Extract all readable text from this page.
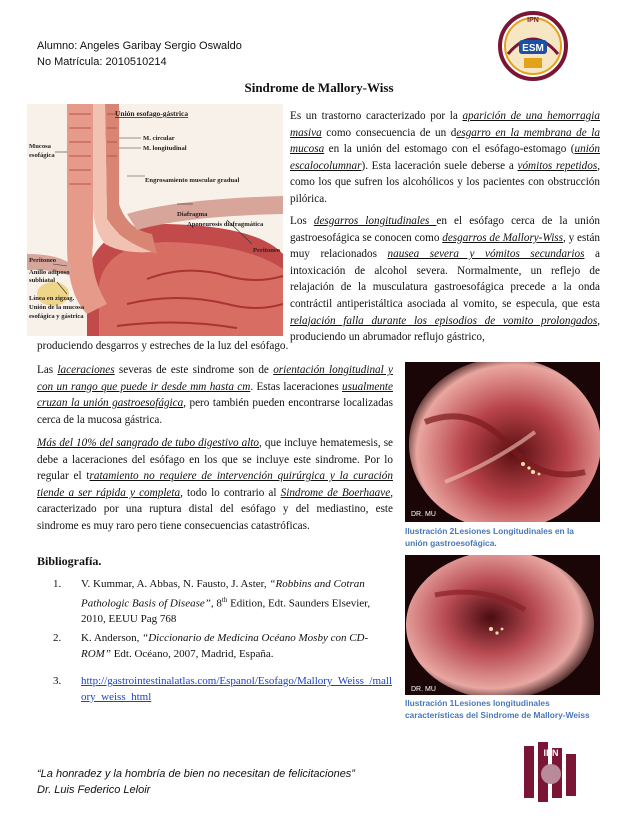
Alumno: Angeles Garibay Sergio Oswaldo
No Matrícula: 2010510214
ESM
IPN
Sindrome de Mallory-Wiss
Unión esofago-gástrica
M. circular
M. longitudinal
Mucosa
esofágica
Engrosamiento muscular gradual
Diafragma
Aponeurosis diafragmática
Peritoneo
Peritoneo
Anillo adiposo
subhiatal
Línea en zigzag.
Unión de la mucosa
esofágica y gástrica
Es un trastorno caracterizado por la aparición de una hemorragia masiva como consecuencia de un desgarro en la membrana de la mucosa en la unión del estomago con el esófago-estomago (unión escalocolumnar). Esta laceración suele deberse a vómitos repetidos, como los que sufren los alcohólicos y los pacientes con obstrucción pilórica.
Los desgarros longitudinales en el esófago cerca de la unión gastroesofágica se conocen como desgarros de Mallory-Wiss, y están muy relacionados nausea severa y vómitos secundarios a intoxicación de alcohol severa. Normalmente, un reflejo de relajación de la musculatura gastroesofágica precede a la onda contráctil antiperistáltica asociada al vomito, se especula, que esta relajación falla durante los episodios de vomito prolongados, produciendo un abrumador reflujo gástrico,
produciendo desgarros y estreches de la luz del esófago.
Las laceraciones severas de este sindrome son de orientación longitudinal y con un rango que puede ir desde mm hasta cm. Estas laceraciones usualmente cruzan la unión gastroesofágica, pero también pueden encontrarse localizadas cerca de la mucosa gástrica.
Más del 10% del sangrado de tubo digestivo alto, que incluye hematemesis, se debe a laceraciones del esófago en los que se incluye este sindrome. Por lo regular el tratamiento no requiere de intervención quirúrgica y la curación tiende a ser rápida y completa, todo lo contrario al Sindrome de Boerhaave, caracterizado por una ruptura distal del esófago y del mediastino, este sindrome es muy raro pero tiene consecuencias catastróficas.
Bibliografía.
1.	V. Kummar, A. Abbas, N. Fausto, J. Aster, “Robbins and Cotran Pathologic Basis of Disease”, 8th Edition, Edt. Saunders Elsevier, 2010, EEUU Pag 768
2.	K. Anderson, “Diccionario de Medicina Océano Mosby con CD-ROM” Edt. Océano, 2007, Madrid, España.
3.	http://gastrointestinalatlas.com/Espanol/Esofago/Mallory_Weiss_/mallory_weiss_html
DR. MU
Ilustración 2Lesiones Longitudinales en la unión gastroesofágica.
DR. MU
Ilustración 1Lesiones longitudinales características del Sindrome de Mallory-Weiss
“La honradez y la hombría de bien no necesitan de felicitaciones”
Dr. Luis Federico Leloir
IPN
